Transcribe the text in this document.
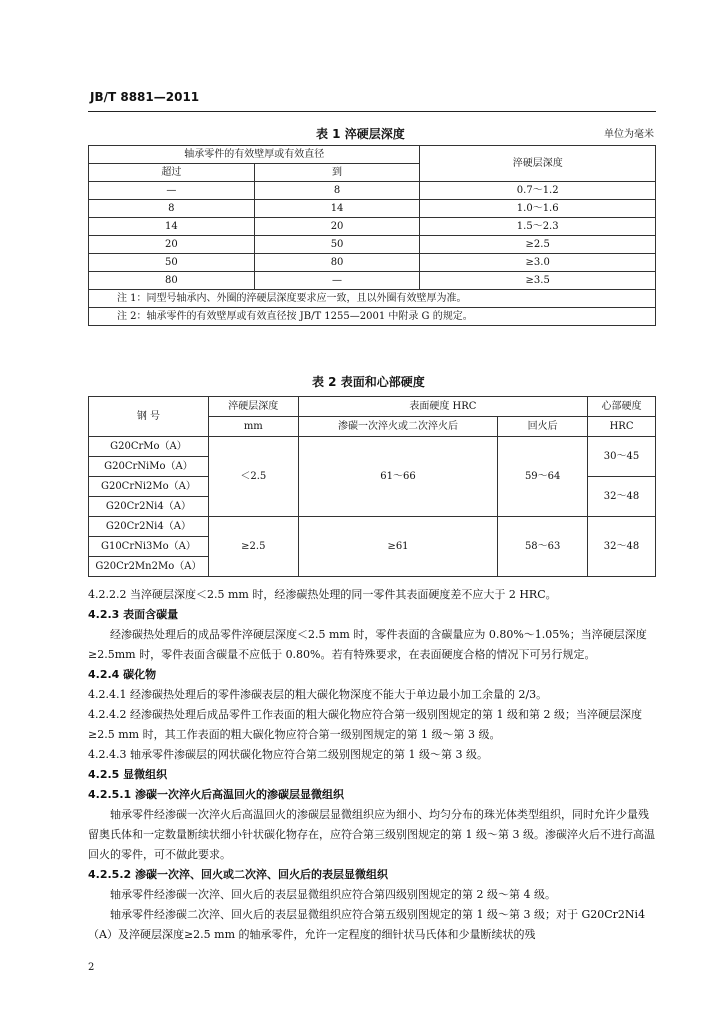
JB/T 8881—2011
表 1 淬硬层深度	单位为毫米
轴承零件的有效壁厚或有效直径		淬硬层深度
超过	到	
—	8	0.7～1.2
8	14	1.0～1.6
14	20	1.5～2.3
20	50	≥2.5
50	80	≥3.0
80	—	≥3.5
注 1：同型号轴承内、外圈的淬硬层深度要求应一致，且以外圈有效壁厚为准。		
注 2：轴承零件的有效壁厚或有效直径按 JB/T 1255—2001 中附录 G 的规定。		
表 2 表面和心部硬度
钢 号	淬硬层深度	表面硬度 HRC		心部硬度
	mm	渗碳一次淬火或二次淬火后	回火后	HRC
G20CrMo（A）	＜2.5	61～66	59～64	30～45
G20CrNiMo（A）				
G20CrNi2Mo（A）				32～48
G20Cr2Ni4（A）				
G20Cr2Ni4（A）	≥2.5	≥61	58～63	32～48
G10CrNi3Mo（A）				
G20Cr2Mn2Mo（A）				

4.2.2.2 当淬硬层深度＜2.5 mm 时，经渗碳热处理的同一零件其表面硬度差不应大于 2 HRC。

4.2.3 表面含碳量

经渗碳热处理后的成品零件淬硬层深度＜2.5 mm 时，零件表面的含碳量应为 0.80%～1.05%；当淬硬层深度≥2.5mm 时，零件表面含碳量不应低于 0.80%。若有特殊要求，在表面硬度合格的情况下可另行规定。

4.2.4 碳化物

4.2.4.1 经渗碳热处理后的零件渗碳表层的粗大碳化物深度不能大于单边最小加工余量的 2/3。

4.2.4.2 经渗碳热处理后成品零件工作表面的粗大碳化物应符合第一级别图规定的第 1 级和第 2 级；当淬硬层深度≥2.5 mm 时，其工作表面的粗大碳化物应符合第一级别图规定的第 1 级～第 3 级。

4.2.4.3 轴承零件渗碳层的网状碳化物应符合第二级别图规定的第 1 级～第 3 级。

4.2.5 显微组织

4.2.5.1 渗碳一次淬火后高温回火的渗碳层显微组织

轴承零件经渗碳一次淬火后高温回火的渗碳层显微组织应为细小、均匀分布的珠光体类型组织，同时允许少量残留奥氏体和一定数量断续状细小针状碳化物存在，应符合第三级别图规定的第 1 级～第 3 级。渗碳淬火后不进行高温回火的零件，可不做此要求。

4.2.5.2 渗碳一次淬、回火或二次淬、回火后的表层显微组织

轴承零件经渗碳一次淬、回火后的表层显微组织应符合第四级别图规定的第 2 级～第 4 级。

轴承零件经渗碳二次淬、回火后的表层显微组织应符合第五级别图规定的第 1 级～第 3 级；对于 G20Cr2Ni4（A）及淬硬层深度≥2.5 mm 的轴承零件，允许一定程度的细针状马氏体和少量断续状的残

2
